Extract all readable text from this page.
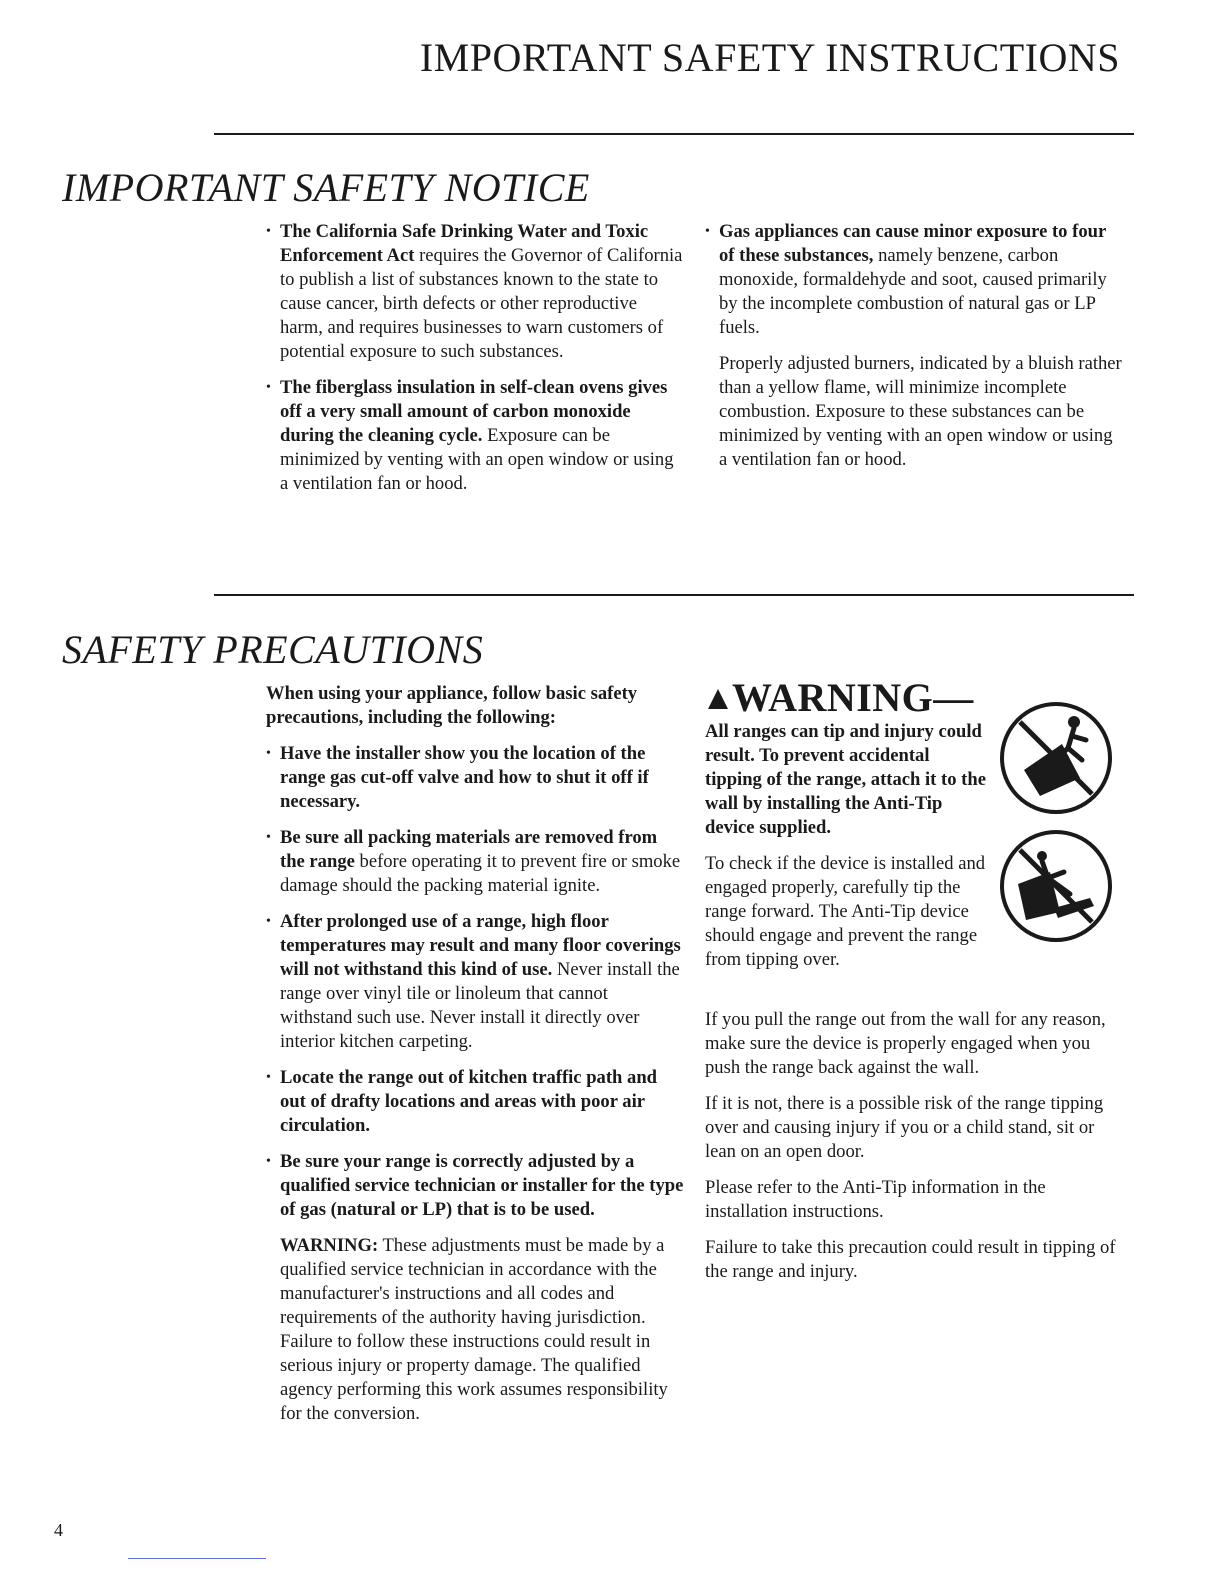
IMPORTANT SAFETY INSTRUCTIONS
IMPORTANT SAFETY NOTICE

• The California Safe Drinking Water and Toxic Enforcement Act requires the Governor of California to publish a list of substances known to the state to cause cancer, birth defects or other reproductive harm, and requires businesses to warn customers of potential exposure to such substances.

• The fiberglass insulation in self-clean ovens gives off a very small amount of carbon monoxide during the cleaning cycle. Exposure can be minimized by venting with an open window or using a ventilation fan or hood.

• Gas appliances can cause minor exposure to four of these substances, namely benzene, carbon monoxide, formaldehyde and soot, caused primarily by the incomplete combustion of natural gas or LP fuels.

Properly adjusted burners, indicated by a bluish rather than a yellow flame, will minimize incomplete combustion. Exposure to these substances can be minimized by venting with an open window or using a ventilation fan or hood.

SAFETY PRECAUTIONS

When using your appliance, follow basic safety precautions, including the following:

• Have the installer show you the location of the range gas cut-off valve and how to shut it off if necessary.

• Be sure all packing materials are removed from the range before operating it to prevent fire or smoke damage should the packing material ignite.

• After prolonged use of a range, high floor temperatures may result and many floor coverings will not withstand this kind of use. Never install the range over vinyl tile or linoleum that cannot withstand such use. Never install it directly over interior kitchen carpeting.

• Locate the range out of kitchen traffic path and out of drafty locations and areas with poor air circulation.

• Be sure your range is correctly adjusted by a qualified service technician or installer for the type of gas (natural or LP) that is to be used.

WARNING: These adjustments must be made by a qualified service technician in accordance with the manufacturer's instructions and all codes and requirements of the authority having jurisdiction. Failure to follow these instructions could result in serious injury or property damage. The qualified agency performing this work assumes responsibility for the conversion.

WARNING—

All ranges can tip and injury could result. To prevent accidental tipping of the range, attach it to the wall by installing the Anti-Tip device supplied.

To check if the device is installed and engaged properly, carefully tip the range forward. The Anti-Tip device should engage and prevent the range from tipping over.

If you pull the range out from the wall for any reason, make sure the device is properly engaged when you push the range back against the wall.

If it is not, there is a possible risk of the range tipping over and causing injury if you or a child stand, sit or lean on an open door.

Please refer to the Anti-Tip information in the installation instructions.

Failure to take this precaution could result in tipping of the range and injury.

4
